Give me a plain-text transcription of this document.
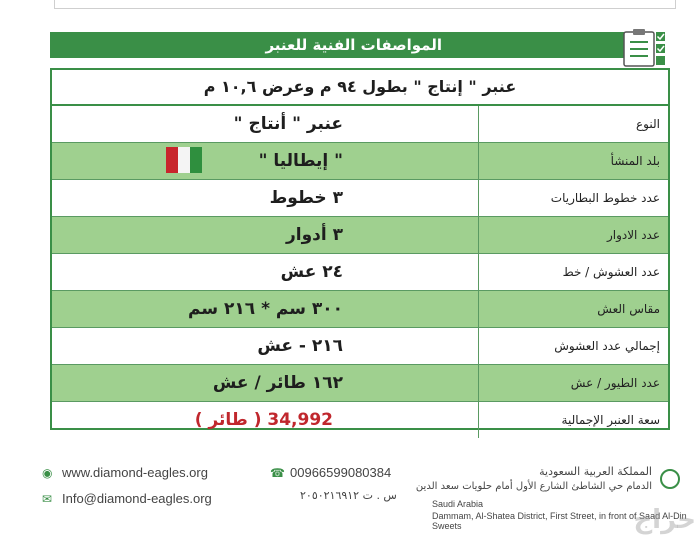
المواصفات الفنية للعنبر
عنبر " إنتاج " بطول ٩٤ م وعرض ١٠,٦ م
النوع
عنبر " أنتاج "
بلد المنشأ
" إيطاليا "
عدد خطوط البطاريات
٣ خطوط
عدد الادوار
٣ أدوار
عدد العشوش / خط
٢٤ عش
مقاس العش
٣٠٠ سم * ٢١٦ سم
إجمالي عدد العشوش
٢١٦ - عش
عدد الطيور / عش
١٦٢ طائر / عش
سعة العنبر الإجمالية
34,992 ( طائر )
◉ www.diamond-eagles.org
✉ Info@diamond-eagles.org
☎ 00966599080384
س . ت ٢٠٥٠٢١٦٩١٢
المملكة العربية السعودية
الدمام حي الشاطئ الشارع الأول أمام حلويات سعد الدين
Saudi Arabia
Dammam, Al-Shatea District, First Street, in front of Saad Al-Din Sweets	حراج
